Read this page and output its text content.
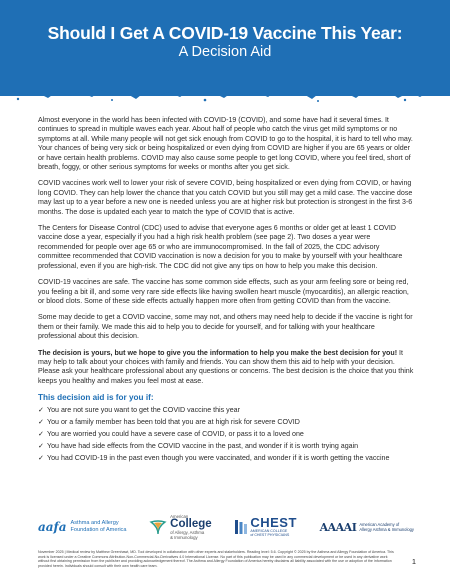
Should I Get A COVID-19 Vaccine This Year:
A Decision Aid

Almost everyone in the world has been infected with COVID-19 (COVID), and some have had it several times. It continues to spread in multiple waves each year. About half of people who catch the virus get mild symptoms or no symptoms at all. While many people will not get sick enough from COVID to go to the hospital, it is hard to tell who may. Your chances of being very sick or being hospitalized or even dying from COVID are higher if you are 65 years or older or have certain health problems. COVID may also cause some people to get long COVID, where you feel tired, short of breath, foggy, or other serious symptoms for weeks or months after you get sick.

COVID vaccines work well to lower your risk of severe COVID, being hospitalized or even dying from COVID, or having long COVID. They can help lower the chance that you catch COVID but you still may get a mild case. The vaccine dose may last up to a year before a new one is needed unless you are at higher risk but protection is strongest in the first 3-6 months. The dose is updated each year to match the type of COVID that is active.

The Centers for Disease Control (CDC) used to advise that everyone ages 6 months or older get at least 1 COVID vaccine dose a year, especially if you had a high risk health problem (see page 2). Two doses a year were recommended for people over age 65 or who are immunocompromised. In the fall of 2025, the CDC advisory committee recommended that COVID vaccination is now a decision for you to make by yourself with your healthcare professional, even if you are high-risk. The CDC did not give any tips on how to help you make this decision.

COVID-19 vaccines are safe. The vaccine has some common side effects, such as your arm feeling sore or being red, you feeling a bit ill, and some very rare side effects like having swollen heart muscle (myocarditis), an allergic reaction, or blood clots. Some of these side effects actually happen more often from getting COVID than from the vaccine.

Some may decide to get a COVID vaccine, some may not, and others may need help to decide if the vaccine is right for them or their family. We made this aid to help you to decide for yourself, and for talking with your healthcare professional about this decision.

The decision is yours, but we hope to give you the information to help you make the best decision for you! It may help to talk about your choices with family and friends. You can show them this aid to help with your decision. Please ask your healthcare professional about any questions or concerns. The best decision is the choice that you think keeps you healthy and makes you feel most at ease.

This decision aid is for you if:
✓ You are not sure you want to get the COVID vaccine this year
✓ You or a family member has been told that you are at high risk for severe COVID
✓ You are worried you could have a severe case of COVID, or pass it to a loved one
✓ You have had side effects from the COVID vaccine in the past, and wonder if it is worth trying again
✓ You had COVID-19 in the past even though you were vaccinated, and wonder if it is worth getting the vaccine
aafa Asthma and Allergy
Foundation of America
American
College
of Allergy, Asthma
& Immunology
CHEST
AMERICAN COLLEGE
of CHEST PHYSICIANS
AAAAI American Academy of
Allergy Asthma & Immunology
November 2025 | Medical review by Matthew Greenhawt, MD. Tool developed in collaboration with other experts and stakeholders. Reading level: 5.6. Copyright © 2025 by the Asthma and Allergy Foundation of America. This work is licensed under a Creative Commons Attribution-Non-Commercial-No-Derivatives 4.0 International License. No part of this publication may be used in any commercial development or be used in any derivative work without first obtaining permission from the publisher and providing acknowledgement thereof. The Asthma and Allergy Foundation of America hereby disclaims all liability associated with the use or adoption of the information provided herein. Individuals should consult with their own health care team.	1
